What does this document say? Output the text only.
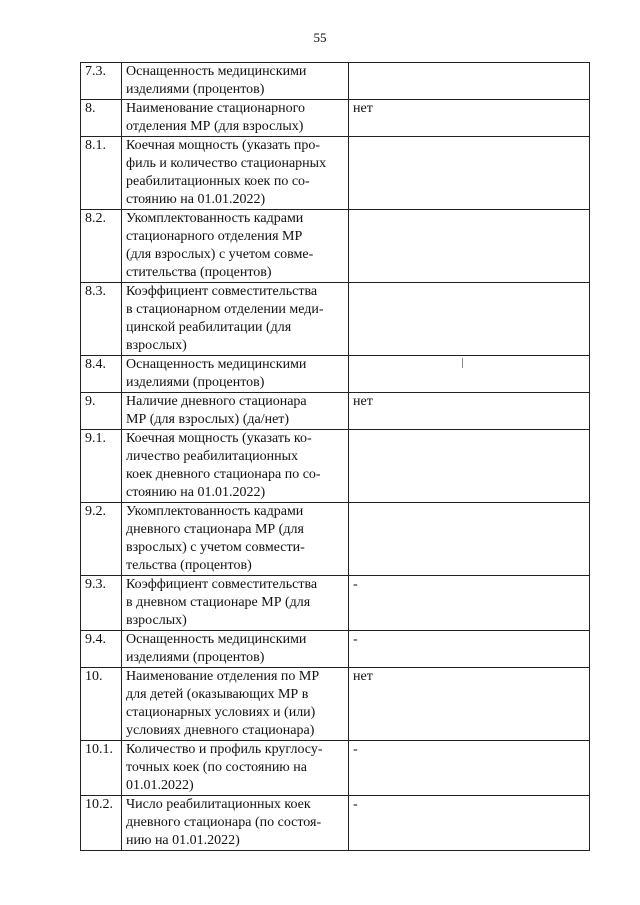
55
7.3.	Оснащенность медицинскими
изделиями (процентов)	
8.	Наименование стационарного
отделения МР (для взрослых)	нет
8.1.	Коечная мощность (указать про-
филь и количество стационарных
реабилитационных коек по со-
стоянию на 01.01.2022)	
8.2.	Укомплектованность кадрами
стационарного отделения МР
(для взрослых) с учетом совме-
стительства (процентов)	
8.3.	Коэффициент совместительства
в стационарном отделении меди-
цинской реабилитации (для
взрослых)	
8.4.	Оснащенность медицинскими
изделиями (процентов)	
9.	Наличие дневного стационара
МР (для взрослых) (да/нет)	нет
9.1.	Коечная мощность (указать ко-
личество реабилитационных
коек дневного стационара по со-
стоянию на 01.01.2022)	
9.2.	Укомплектованность кадрами
дневного стационара МР (для
взрослых) с учетом совмести-
тельства (процентов)	
9.3.	Коэффициент совместительства
в дневном стационаре МР (для
взрослых)	-
9.4.	Оснащенность медицинскими
изделиями (процентов)	-
10.	Наименование отделения по МР
для детей (оказывающих МР в
стационарных условиях и (или)
условиях дневного стационара)	нет
10.1.	Количество и профиль круглосу-
точных коек (по состоянию на
01.01.2022)	-
10.2.	Число реабилитационных коек
дневного стационара (по состоя-
нию на 01.01.2022)	-
